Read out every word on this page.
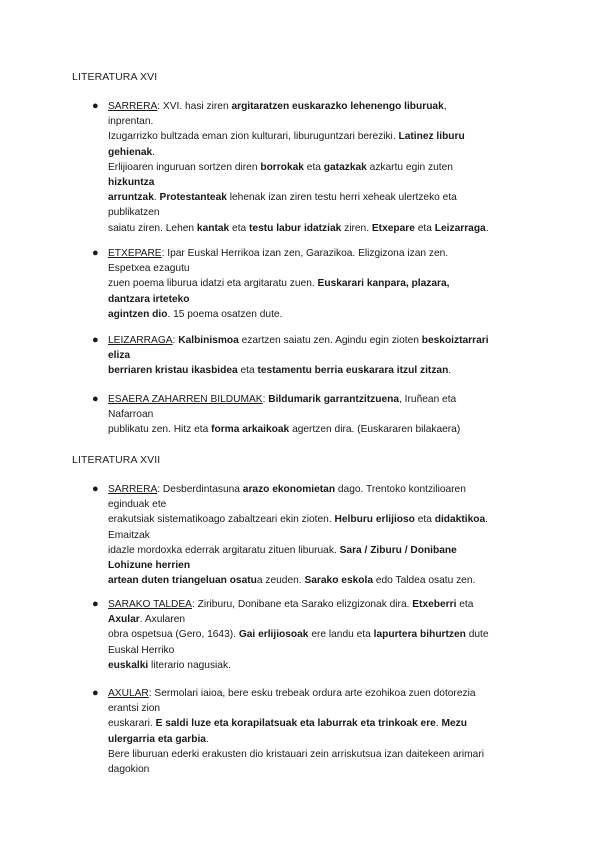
LITERATURA XVI
● SARRERA: XVI. hasi ziren argitaratzen euskarazko lehenengo liburuak,
inprentan.
Izugarrizko bultzada eman zion kulturari, liburuguntzari bereziki. Latinez liburu
gehienak.
Erlijioaren inguruan sortzen diren borrokak eta gatazkak azkartu egin zuten
hizkuntza
arruntzak. Protestanteak lehenak izan ziren testu herri xeheak ulertzeko eta
publikatzen
saiatu ziren. Lehen kantak eta testu labur idatziak ziren. Etxepare eta Leizarraga.
● ETXEPARE: Ipar Euskal Herrikoa izan zen, Garazikoa. Elizgizona izan zen.
Espetxea ezagutu
zuen poema liburua idatzi eta argitaratu zuen. Euskarari kanpara, plazara,
dantzara irteteko
agintzen dio. 15 poema osatzen dute.
● LEIZARRAGA: Kalbinismoa ezartzen saiatu zen. Agindu egin zioten beskoiztarrari
eliza
berriaren kristau ikasbidea eta testamentu berria euskarara itzul zitzan.
● ESAERA ZAHARREN BILDUMAK: Bildumarik garrantzitzuena, Iruñean eta
Nafarroan
publikatu zen. Hitz eta forma arkaikoak agertzen dira. (Euskararen bilakaera)
LITERATURA XVII
● SARRERA: Desberdintasuna arazo ekonomietan dago. Trentoko kontzilioaren
eginduak ete
erakutsiak sistematikoago zabaltzeari ekin zioten. Helburu erlijioso eta didaktikoa.
Emaitzak
idazle mordoxka ederrak argitaratu zituen liburuak. Sara / Ziburu / Donibane
Lohizune herrien
artean duten triangeluan osatua zeuden. Sarako eskola edo Taldea osatu zen.
● SARAKO TALDEA: Ziriburu, Donibane eta Sarako elizgizonak dira. Etxeberri eta
Axular. Axularen
obra ospetsua (Gero, 1643). Gai erlijiosoak ere landu eta lapurtera bihurtzen dute
Euskal Herriko
euskalki literario nagusiak.
● AXULAR: Sermolari iaioa, bere esku trebeak ordura arte ezohikoa zuen dotorezia
erantsi zion
euskarari. E saldi luze eta korapilatsuak eta laburrak eta trinkoak ere. Mezu
ulergarria eta garbia.
Bere liburuan ederki erakusten dio kristauari zein arriskutsua izan daitekeen arimari
dagokion
